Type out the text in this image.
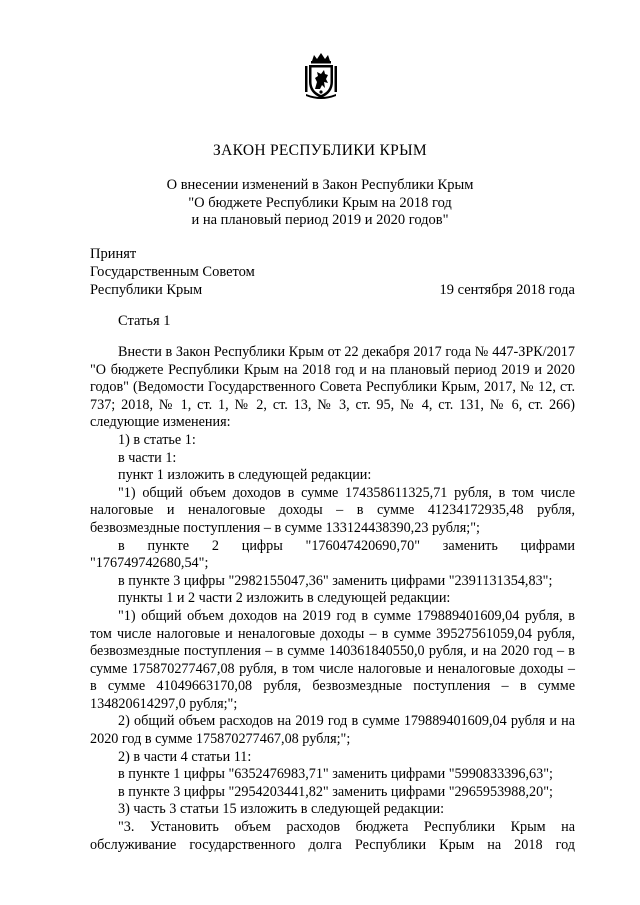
ЗАКОН РЕСПУБЛИКИ КРЫМ
О внесении изменений в Закон Республики Крым
"О бюджете Республики Крым на 2018 год
и на плановый период 2019 и 2020 годов"
Принят
Государственным Советом
Республики Крым	19 сентября 2018 года
Статья 1

Внести в Закон Республики Крым от 22 декабря 2017 года № 447-ЗРК/2017 "О бюджете Республики Крым на 2018 год и на плановый период 2019 и 2020 годов" (Ведомости Государственного Совета Республики Крым, 2017, № 12, ст. 737; 2018, № 1, ст. 1, № 2, ст. 13, № 3, ст. 95, № 4, ст. 131, № 6, ст. 266) следующие изменения:

1) в статье 1:

в части 1:

пункт 1 изложить в следующей редакции:

"1) общий объем доходов в сумме 174358611325,71 рубля, в том числе налоговые и неналоговые доходы – в сумме 41234172935,48 рубля, безвозмездные поступления – в сумме 133124438390,23 рубля;";

в пункте 2 цифры "176047420690,70" заменить цифрами "176749742680,54";

в пункте 3 цифры "2982155047,36" заменить цифрами "2391131354,83";

пункты 1 и 2 части 2 изложить в следующей редакции:

"1) общий объем доходов на 2019 год в сумме 179889401609,04 рубля, в том числе налоговые и неналоговые доходы – в сумме 39527561059,04 рубля, безвозмездные поступления – в сумме 140361840550,0 рубля, и на 2020 год – в сумме 175870277467,08 рубля, в том числе налоговые и неналоговые доходы – в сумме 41049663170,08 рубля, безвозмездные поступления – в сумме 134820614297,0 рубля;";

2) общий объем расходов на 2019 год в сумме 179889401609,04 рубля и на 2020 год в сумме 175870277467,08 рубля;";

2) в части 4 статьи 11:

в пункте 1 цифры "6352476983,71" заменить цифрами "5990833396,63";

в пункте 3 цифры "2954203441,82" заменить цифрами "2965953988,20";

3) часть 3 статьи 15 изложить в следующей редакции:

"3. Установить объем расходов бюджета Республики Крым на обслуживание государственного долга Республики Крым на 2018 год
